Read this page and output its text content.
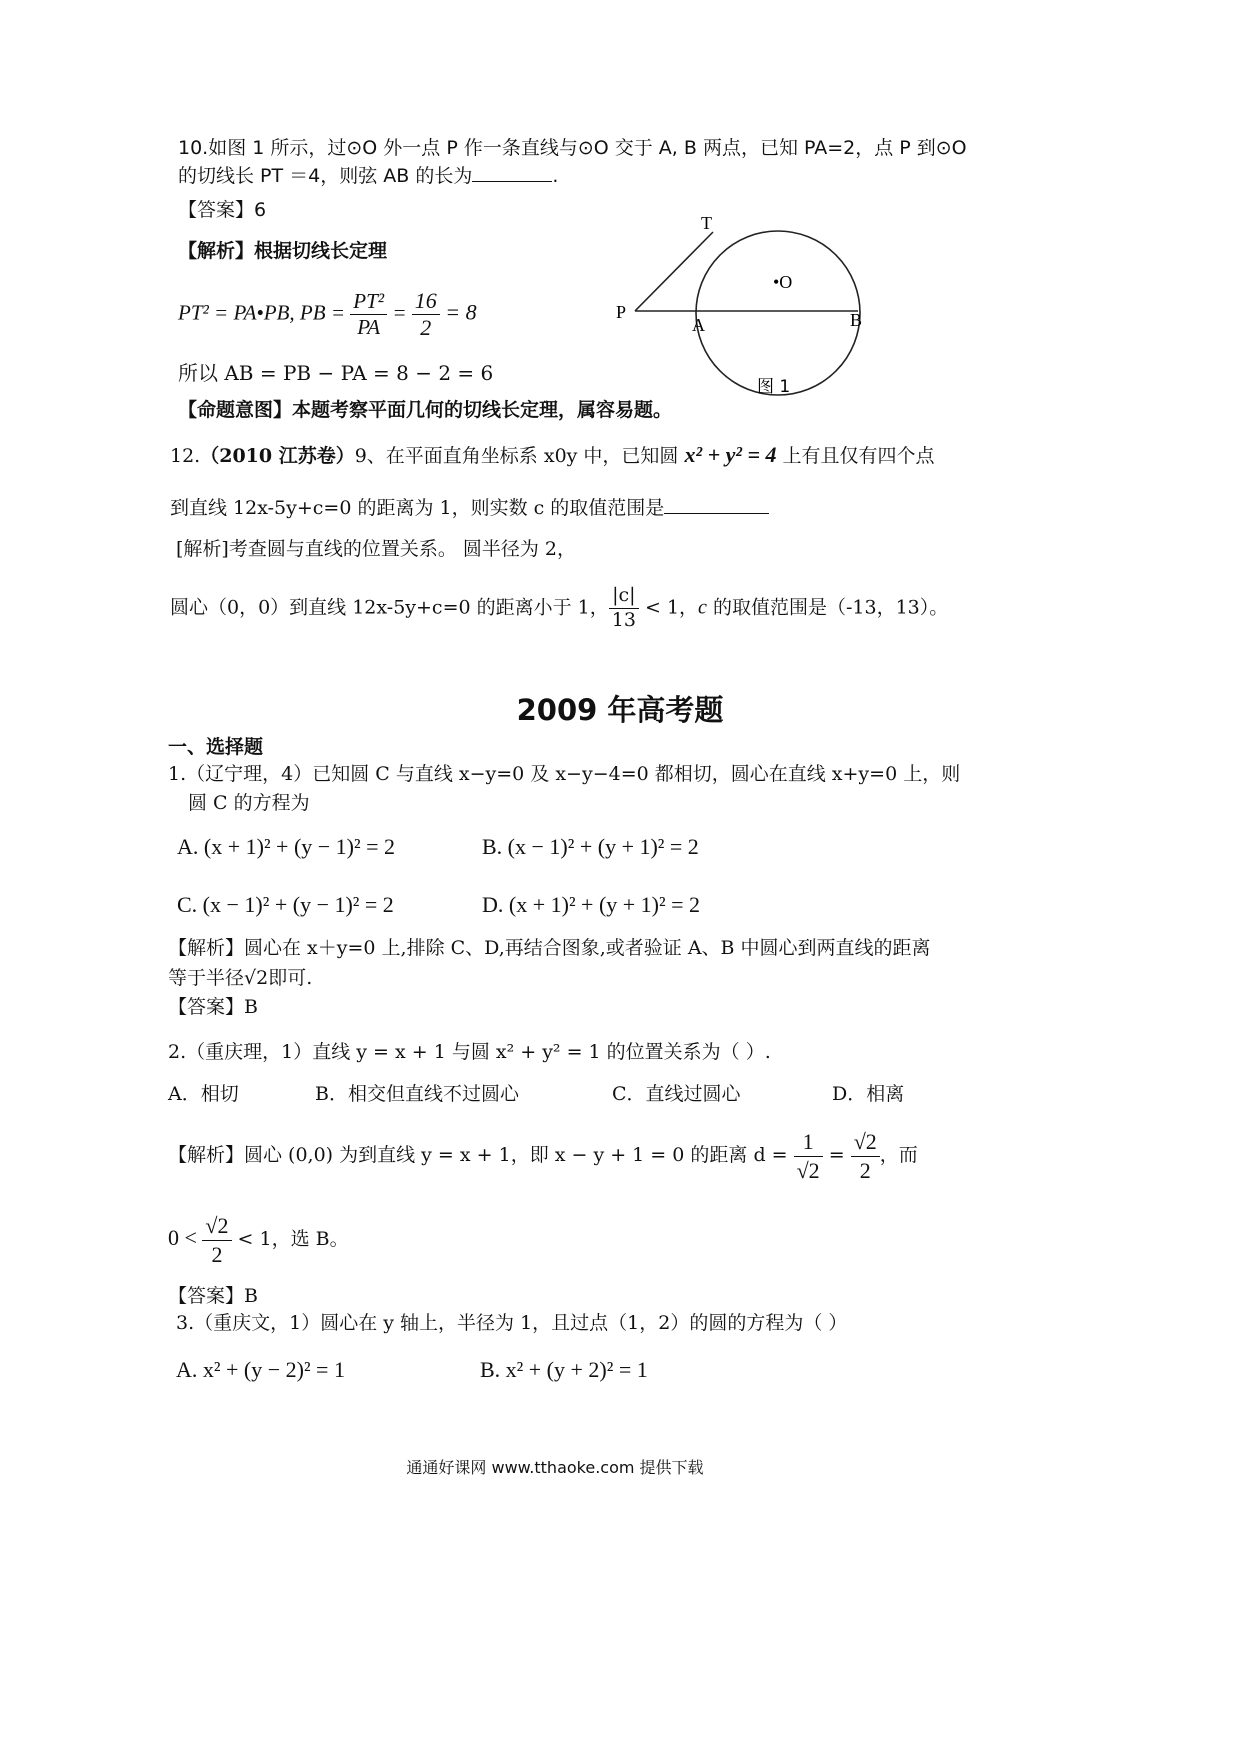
10.如图 1 所示，过⊙O 外一点 P 作一条直线与⊙O 交于 A, B 两点，已知 PA=2，点 P 到⊙O
的切线长 PT ＝4，则弦 AB 的长为	.
【答案】6
【解析】根据切线长定理
PT² = PA•PB, PB = $\frac{\text{PT²}}{PA} = \frac{16}{2} = 8$
所以 AB = PB − PA = 8 − 2 = 6
【命题意图】本题考察平面几何的切线长定理，属容易题。
T
•O
P
A	B
图 1
12.（2010 江苏卷）9、在平面直角坐标系 x0y 中，已知圆 x² + y² = 4 上有且仅有四个点
到直线 12x-5y+c=0 的距离为 1，则实数 c 的取值范围是
[解析]考查圆与直线的位置关系。 圆半径为 2，
圆心（0，0）到直线 12x-5y+c=0 的距离小于 1， $\frac{|c|}{13} < 1$，c 的取值范围是（-13，13）。
2009 年高考题
一、选择题
1.（辽宁理，4）已知圆 C 与直线 x−y=0 及 x−y−4=0 都相切，圆心在直线 x+y=0 上，则
圆 C 的方程为
A. (x + 1)² + (y − 1)² = 2	B. (x − 1)² + (y + 1)² = 2
C. (x − 1)² + (y − 1)² = 2	D. (x + 1)² + (y + 1)² = 2
【解析】圆心在 x＋y=0 上,排除 C、D,再结合图象,或者验证 A、B 中圆心到两直线的距离
等于半径√2即可.
【答案】B
2.（重庆理，1）直线 y = x + 1 与圆 x² + y² = 1 的位置关系为（ ）.
A．相切	B．相交但直线不过圆心	C．直线过圆心	D．相离
【解析】圆心 (0,0) 为到直线 y = x + 1，即 x − y + 1 = 0 的距离 $d = \frac{1}{√2} = \frac{√2}{2}$ ，而
$0 < \frac{√2}{2} < 1$，选 B。
【答案】B
3.（重庆文，1）圆心在 y 轴上，半径为 1，且过点（1，2）的圆的方程为（ ）
A. x² + (y − 2)² = 1	B. x² + (y + 2)² = 1
通通好课网 www.tthaoke.com 提供下载
